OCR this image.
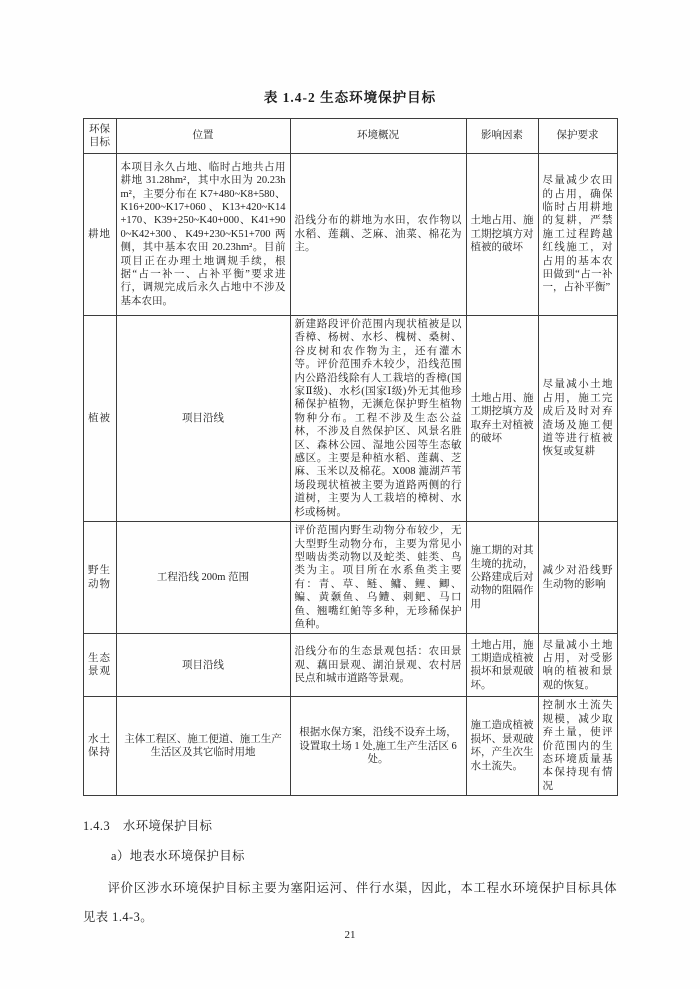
表 1.4-2 生态环境保护目标
环保目标	位置	环境概况	影响因素	保护要求
耕地	本项目永久占地、临时占地共占用耕地 31.28hm²，其中水田为 20.23hm²，主要分布在 K7+480~K8+580、K16+200~K17+060、K13+420~K14+170、K39+250~K40+000、K41+900~K42+300、K49+230~K51+700 两侧，其中基本农田 20.23hm²。目前项目正在办理土地调规手续，根据“占一补一、占补平衡”要求进行，调规完成后永久占地中不涉及基本农田。	沿线分布的耕地为水田，农作物以水稻、莲藕、芝麻、油菜、棉花为主。	土地占用、施工期挖填方对植被的破坏	尽量减少农田的占用，确保临时占用耕地的复耕，严禁施工过程跨越红线施工，对占用的基本农田做到“占一补一，占补平衡”
植被	项目沿线	新建路段评价范围内现状植被是以香樟、杨树、水杉、槐树、桑树、谷皮树和农作物为主，还有灌木等。评价范围乔木较少，沿线范围内公路沿线除有人工栽培的香樟(国家Ⅱ级)、水杉(国家Ⅰ级)外无其他珍稀保护植物，无濒危保护野生植物物种分布。工程不涉及生态公益林，不涉及自然保护区、风景名胜区、森林公园、湿地公园等生态敏感区。主要是种植水稻、莲藕、芝麻、玉米以及棉花。X008 漉湖芦苇场段现状植被主要为道路两侧的行道树，主要为人工栽培的樟树、水杉或杨树。	土地占用、施工期挖填方及取弃土对植被的破坏	尽量减小土地占用，施工完成后及时对弃渣场及施工便道等进行植被恢复或复耕
野生动物	工程沿线 200m 范围	评价范围内野生动物分布较少，无大型野生动物分布，主要为常见小型啮齿类动物以及蛇类、蛙类、鸟类为主。项目所在水系鱼类主要有：青、草、鲢、鳙、鲤、鲫、鳊、黄颡鱼、乌鳢、刺鲃、马口鱼、翘嘴红鲌等多种，无珍稀保护鱼种。	施工期的对其生境的扰动，公路建成后对动物的阻隔作用	减少对沿线野生动物的影响
生态景观	项目沿线	沿线分布的生态景观包括：农田景观、藕田景观、湖泊景观、农村居民点和城市道路等景观。	土地占用，施工期造成植被损坏和景观破坏。	尽量减小土地占用，对受影响的植被和景观的恢复。
水土保持	主体工程区、施工便道、施工生产生活区及其它临时用地	根据水保方案，沿线不设弃土场，设置取土场 1 处,施工生产生活区 6 处。	施工造成植被损坏、景观破坏，产生次生水土流失。	控制水土流失规模，减少取弃土量，使评价范围内的生态环境质量基本保持现有情况

1.4.3　水环境保护目标

a）地表水环境保护目标

评价区涉水环境保护目标主要为塞阳运河、伴行水渠，因此，本工程水环境保护目标具体见表 1.4-3。

21
